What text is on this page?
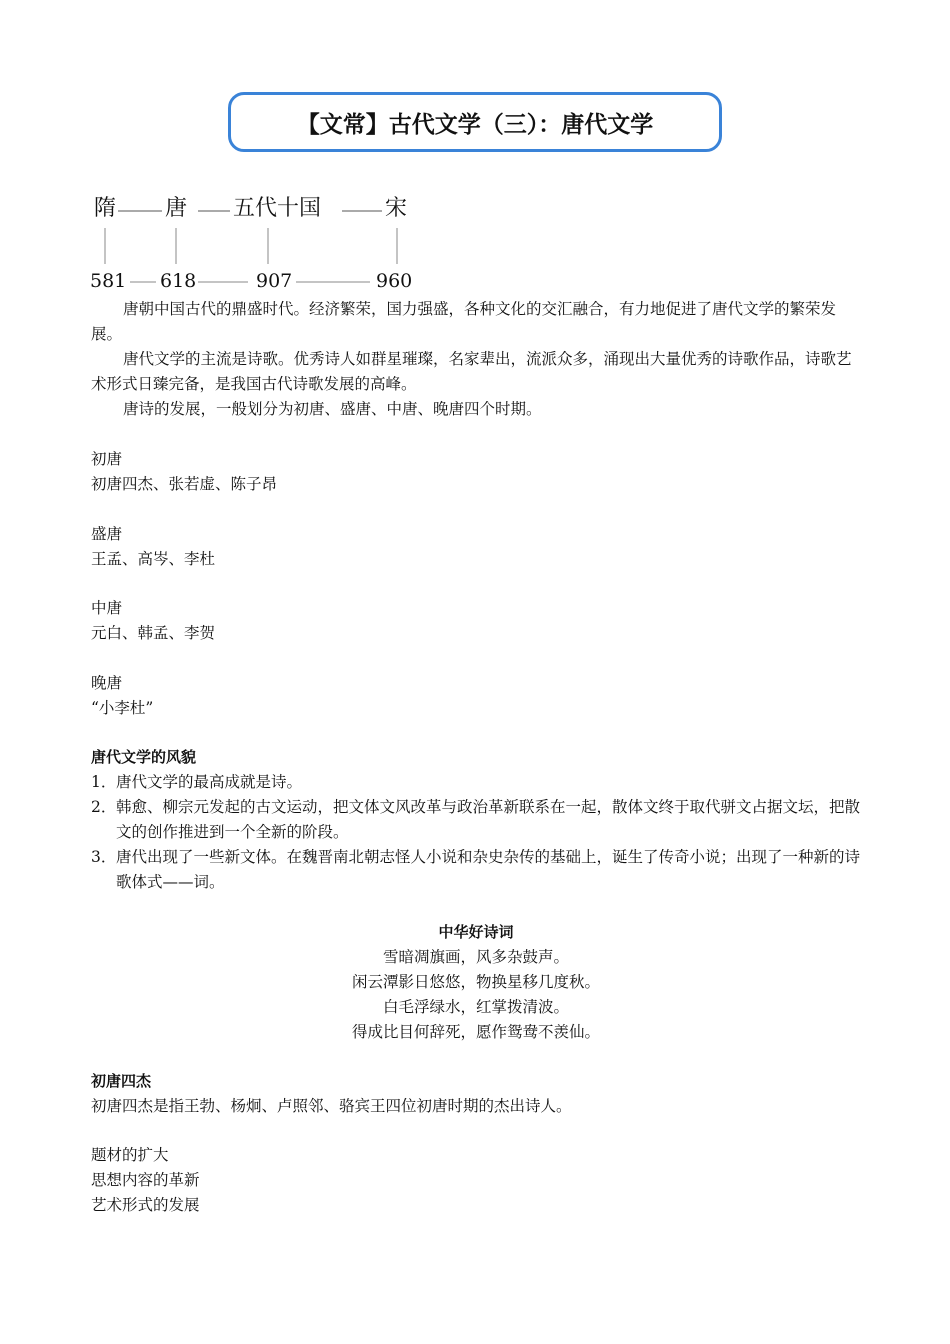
【文常】古代文学（三）：唐代文学
隋 唐 五代十国	宋
581 618	907	960

唐朝中国古代的鼎盛时代。经济繁荣，国力强盛，各种文化的交汇融合，有力地促进了唐代文学的繁荣发展。

唐代文学的主流是诗歌。优秀诗人如群星璀璨，名家辈出，流派众多，涌现出大量优秀的诗歌作品，诗歌艺术形式日臻完备，是我国古代诗歌发展的高峰。

唐诗的发展，一般划分为初唐、盛唐、中唐、晚唐四个时期。

初唐

初唐四杰、张若虚、陈子昂

盛唐

王孟、高岑、李杜

中唐

元白、韩孟、李贺

晚唐

“小李杜”

唐代文学的风貌

1． 唐代文学的最高成就是诗。
2． 韩愈、柳宗元发起的古文运动，把文体文风改革与政治革新联系在一起，散体文终于取代骈文占据文坛，把散文的创作推进到一个全新的阶段。
3． 唐代出现了一些新文体。在魏晋南北朝志怪人小说和杂史杂传的基础上，诞生了传奇小说；出现了一种新的诗歌体式——词。

中华好诗词

雪暗凋旗画，风多杂鼓声。

闲云潭影日悠悠，物换星移几度秋。

白毛浮绿水，红掌拨清波。

得成比目何辞死，愿作鸳鸯不羡仙。

初唐四杰

初唐四杰是指王勃、杨炯、卢照邻、骆宾王四位初唐时期的杰出诗人。

题材的扩大

思想内容的革新

艺术形式的发展
